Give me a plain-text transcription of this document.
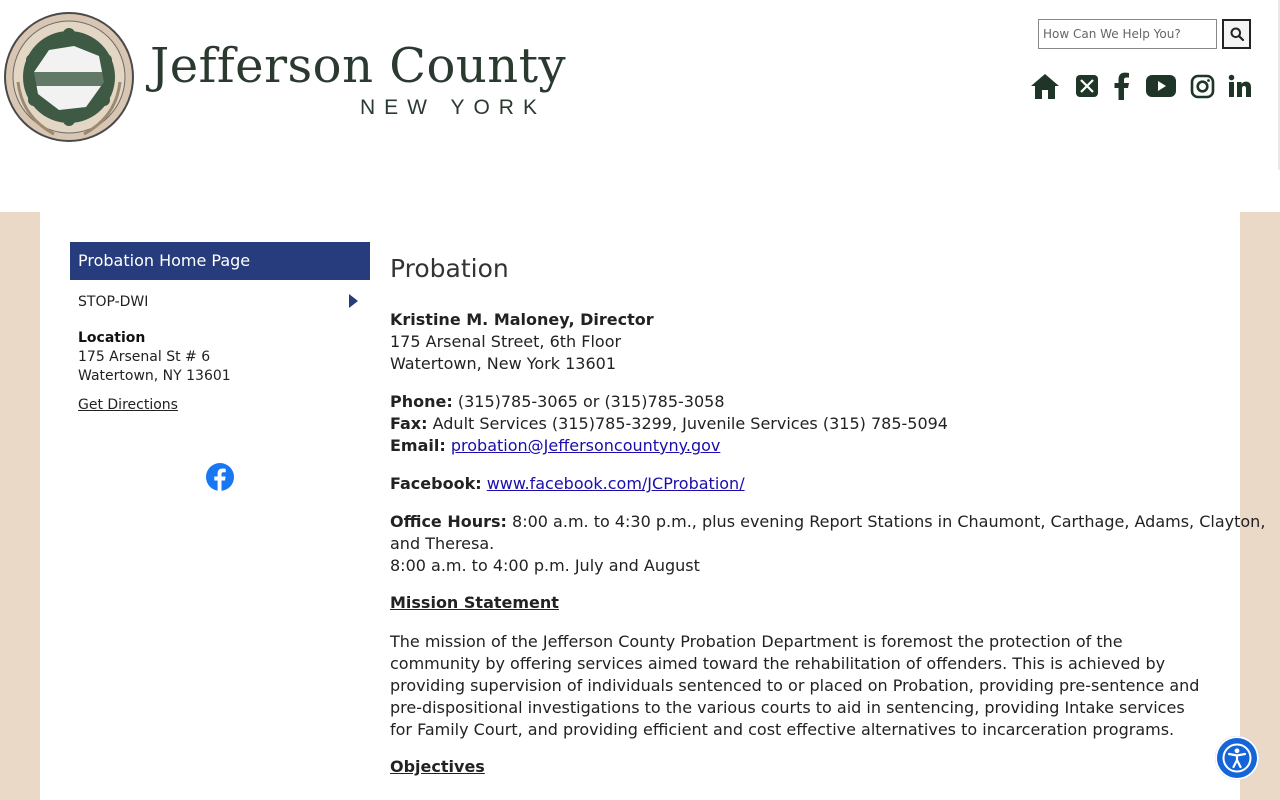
Jefferson County
NEW YORK
How Can We Help You?
Probation Home Page
STOP-DWI
Location
175 Arsenal St # 6
Watertown, NY 13601
Get Directions
Probation
Kristine M. Maloney, Director
175 Arsenal Street, 6th Floor
Watertown, New York 13601
Phone: (315)785-3065 or (315)785-3058
Fax: Adult Services (315)785-3299, Juvenile Services (315) 785-5094
Email: probation@Jeffersoncountyny.gov
Facebook: www.facebook.com/JCProbation/
Office Hours: 8:00 a.m. to 4:30 p.m., plus evening Report Stations in Chaumont, Carthage, Adams, Clayton,
and Theresa.
8:00 a.m. to 4:00 p.m. July and August
Mission Statement

The mission of the Jefferson County Probation Department is foremost the protection of the community by offering services aimed toward the rehabilitation of offenders. This is achieved by providing supervision of individuals sentenced to or placed on Probation, providing pre-sentence and pre-dispositional investigations to the various courts to aid in sentencing, providing Intake services for Family Court, and providing efficient and cost effective alternatives to incarceration programs.

Objectives
